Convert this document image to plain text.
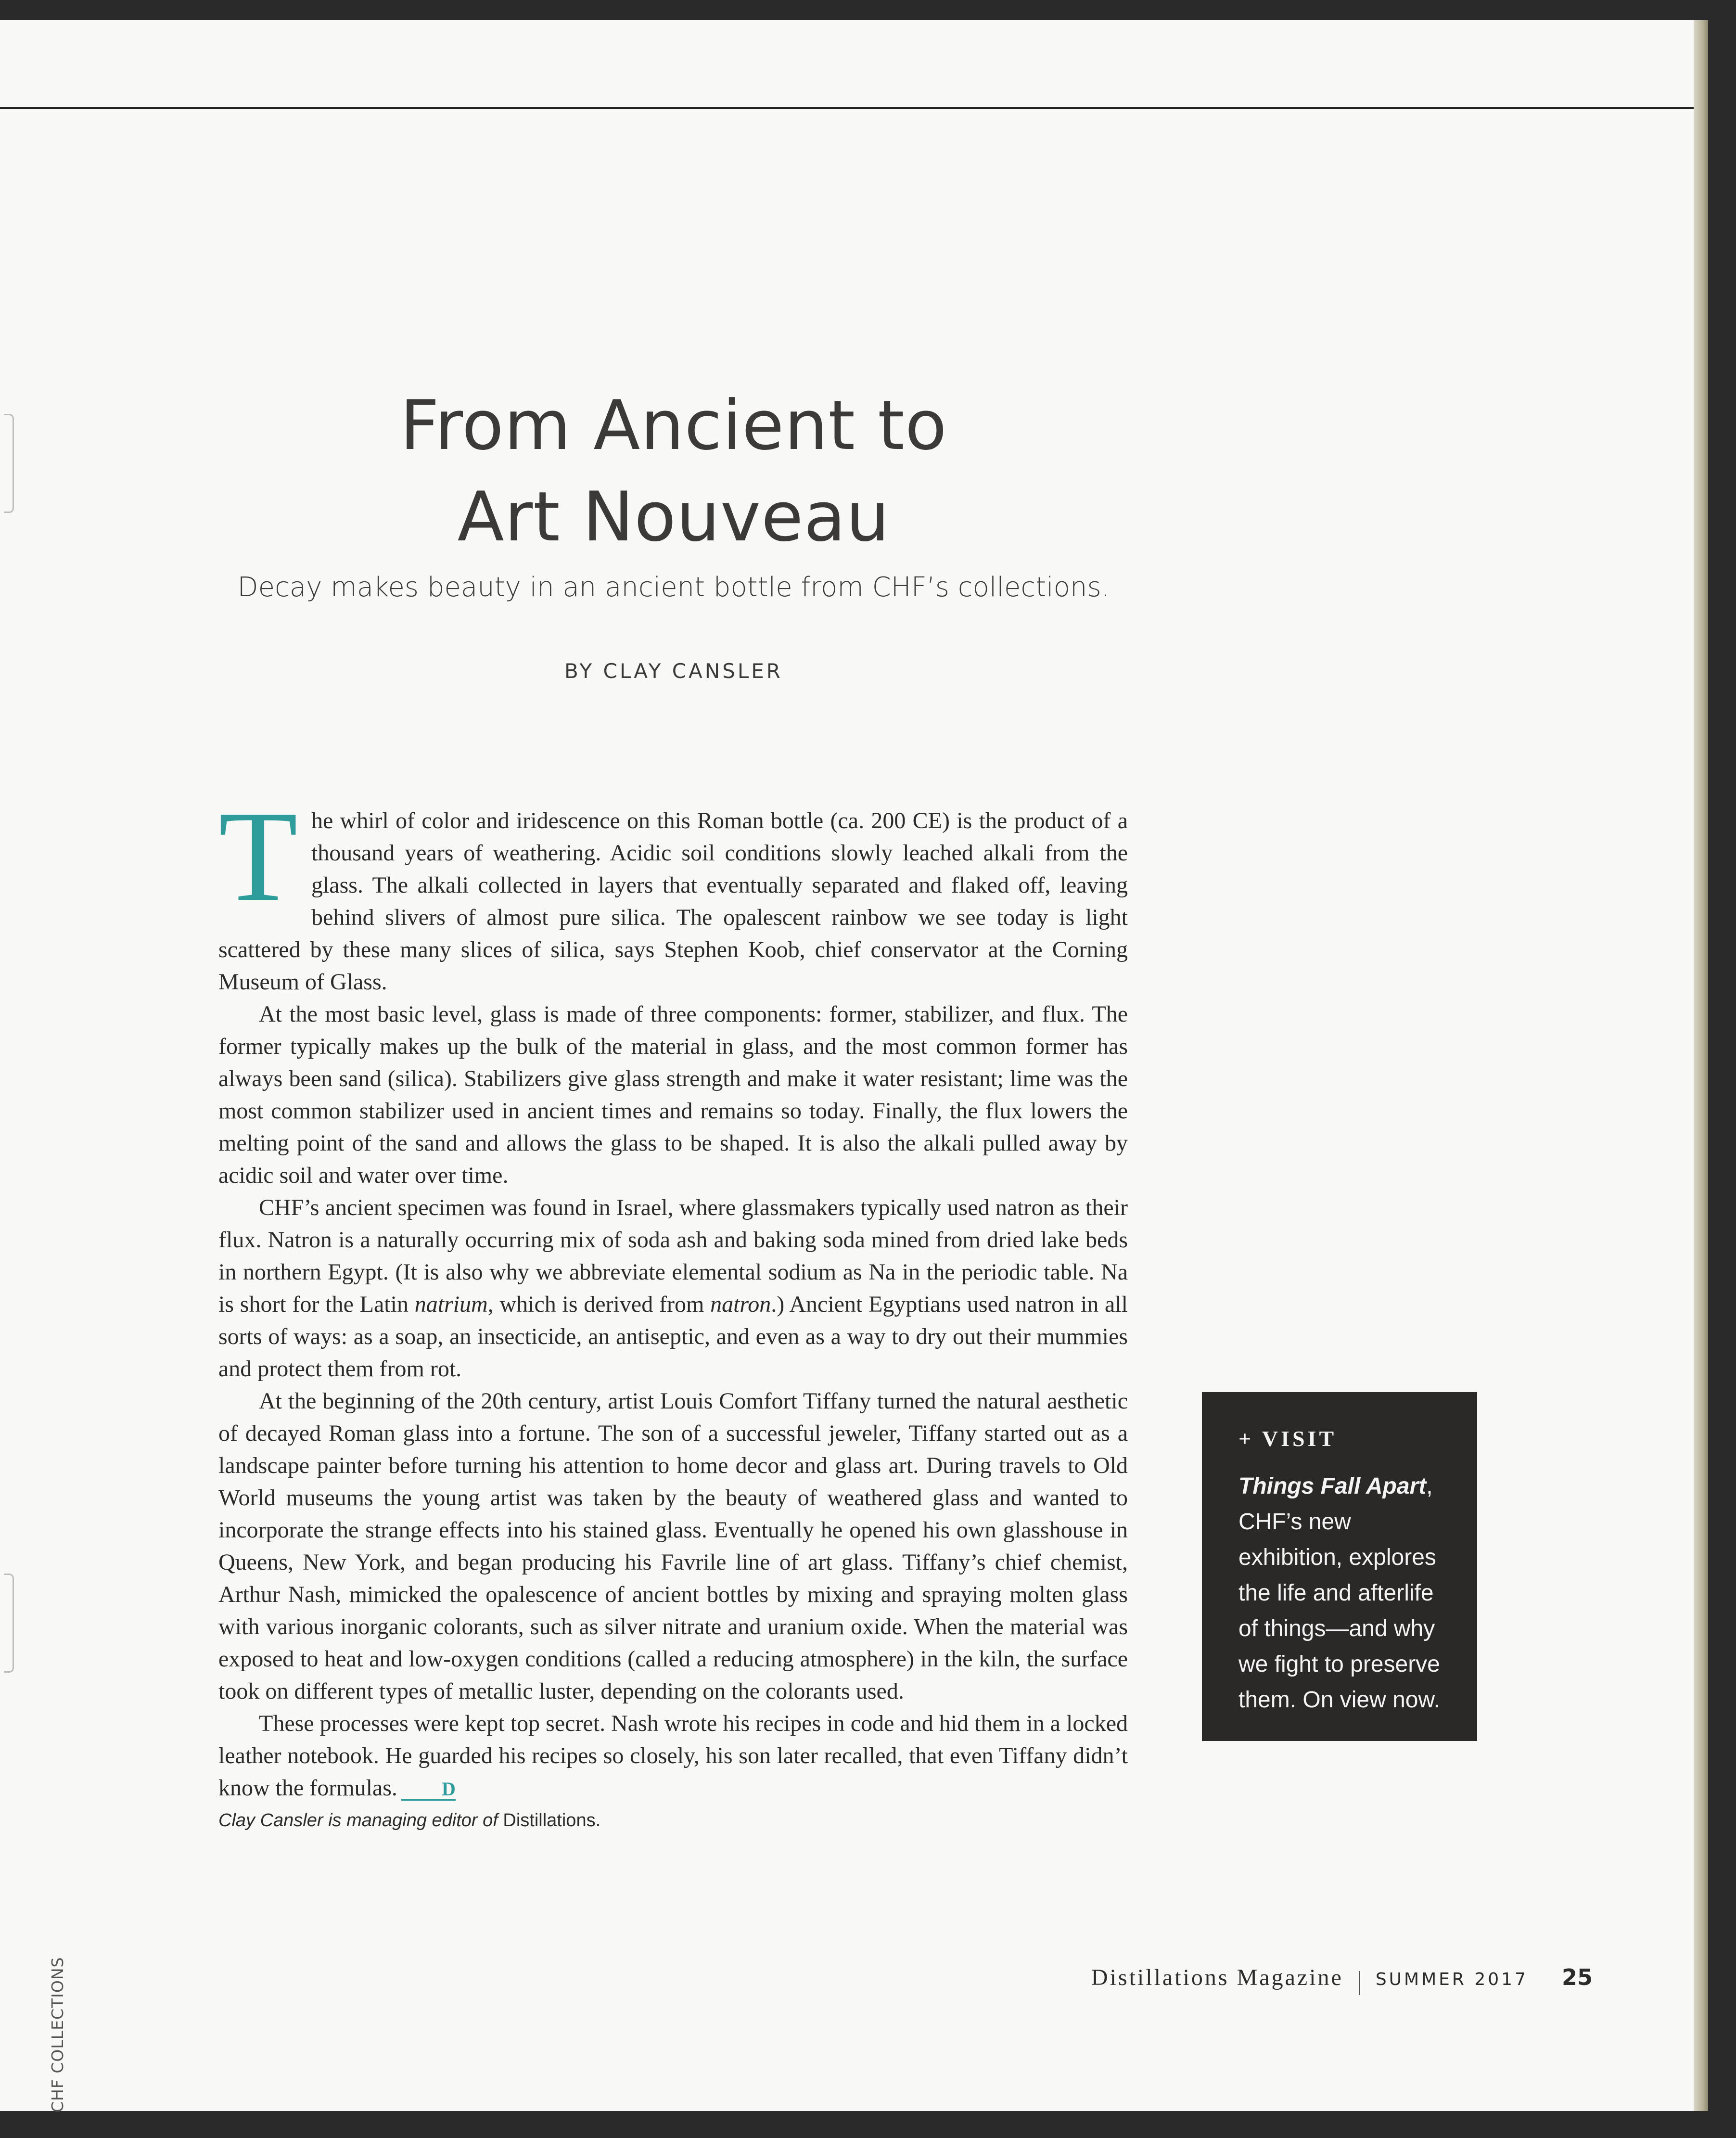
From Ancient to
Art Nouveau
Decay makes beauty in an ancient bottle from CHF’s collections.
BY CLAY CANSLER

The whirl of color and iridescence on this Roman bottle (ca. 200 CE) is the product of a thousand years of weathering. Acidic soil conditions slowly leached alkali from the glass. The alkali collected in layers that eventually separated and flaked off, leaving behind slivers of almost pure silica. The opalescent rainbow we see today is light scattered by these many slices of silica, says Stephen Koob, chief conservator at the Corning Museum of Glass.

At the most basic level, glass is made of three components: former, stabilizer, and flux. The former typically makes up the bulk of the material in glass, and the most common former has always been sand (silica). Stabilizers give glass strength and make it water resistant; lime was the most common stabilizer used in ancient times and remains so today. Finally, the flux lowers the melting point of the sand and allows the glass to be shaped. It is also the alkali pulled away by acidic soil and water over time.

CHF’s ancient specimen was found in Israel, where glassmakers typically used natron as their flux. Natron is a naturally occurring mix of soda ash and baking soda mined from dried lake beds in northern Egypt. (It is also why we abbreviate elemental sodium as Na in the periodic table. Na is short for the Latin natrium, which is derived from natron.) Ancient Egyptians used natron in all sorts of ways: as a soap, an insecticide, an antiseptic, and even as a way to dry out their mummies and protect them from rot.

At the beginning of the 20th century, artist Louis Comfort Tiffany turned the natural aesthetic of decayed Roman glass into a fortune. The son of a successful jeweler, Tiffany started out as a landscape painter before turning his attention to home decor and glass art. During travels to Old World museums the young artist was taken by the beauty of weathered glass and wanted to incorporate the strange effects into his stained glass. Eventually he opened his own glasshouse in Queens, New York, and began producing his Favrile line of art glass. Tiffany’s chief chemist, Arthur Nash, mimicked the opalescence of ancient bottles by mixing and spraying molten glass with various inorganic colorants, such as silver nitrate and uranium oxide. When the material was exposed to heat and low-oxygen conditions (called a reducing atmosphere) in the kiln, the surface took on different types of metallic luster, depending on the colorants used.

These processes were kept top secret. Nash wrote his recipes in code and hid them in a locked leather notebook. He guarded his recipes so closely, his son later recalled, that even Tiffany didn’t know the formulas. D

Clay Cansler is managing editor of Distillations.
+ VISIT
Things Fall Apart, CHF’s new exhibition, explores the life and afterlife of things—and why we fight to preserve them. On view now.
CHF COLLECTIONS	Distillations Magazine SUMMER 2017 25
